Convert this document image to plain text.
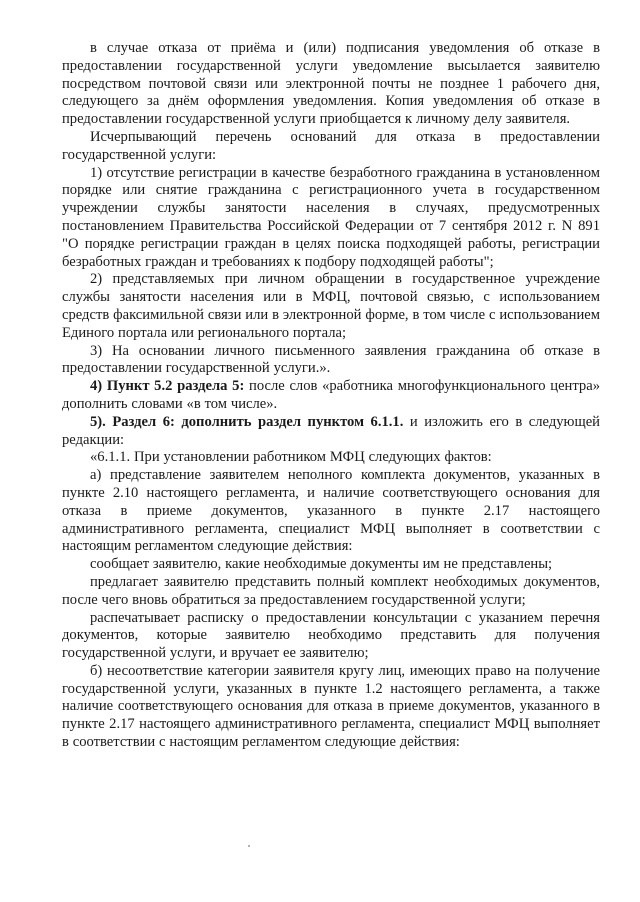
в случае отказа от приёма и (или) подписания уведомления об отказе в предоставлении государственной услуги уведомление высылается заявителю посредством почтовой связи или электронной почты не позднее 1 рабочего дня, следующего за днём оформления уведомления. Копия уведомления об отказе в предоставлении государственной услуги приобщается к личному делу заявителя.

Исчерпывающий перечень оснований для отказа в предоставлении государственной услуги:

1) отсутствие регистрации в качестве безработного гражданина в установленном порядке или снятие гражданина с регистрационного учета в государственном учреждении службы занятости населения в случаях, предусмотренных постановлением Правительства Российской Федерации от 7 сентября 2012 г. N 891 "О порядке регистрации граждан в целях поиска подходящей работы, регистрации безработных граждан и требованиях к подбору подходящей работы";

2) представляемых при личном обращении в государственное учреждение службы занятости населения или в МФЦ, почтовой связью, с использованием средств факсимильной связи или в электронной форме, в том числе с использованием Единого портала или регионального портала;

3) На основании личного письменного заявления гражданина об отказе в предоставлении государственной услуги.».

4) Пункт 5.2 раздела 5: после слов «работника многофункционального центра» дополнить словами «в том числе».

5). Раздел 6: дополнить раздел пунктом 6.1.1. и изложить его в следующей редакции:

«6.1.1. При установлении работником МФЦ следующих фактов:

а) представление заявителем неполного комплекта документов, указанных в пункте 2.10 настоящего регламента, и наличие соответствующего основания для отказа в приеме документов, указанного в пункте 2.17 настоящего административного регламента, специалист МФЦ выполняет в соответствии с настоящим регламентом следующие действия:

сообщает заявителю, какие необходимые документы им не представлены;

предлагает заявителю представить полный комплект необходимых документов, после чего вновь обратиться за предоставлением государственной услуги;

распечатывает расписку о предоставлении консультации с указанием перечня документов, которые заявителю необходимо представить для получения государственной услуги, и вручает ее заявителю;

б) несоответствие категории заявителя кругу лиц, имеющих право на получение государственной услуги, указанных в пункте 1.2 настоящего регламента, а также наличие соответствующего основания для отказа в приеме документов, указанного в пункте 2.17 настоящего административного регламента, специалист МФЦ выполняет в соответствии с настоящим регламентом следующие действия:
